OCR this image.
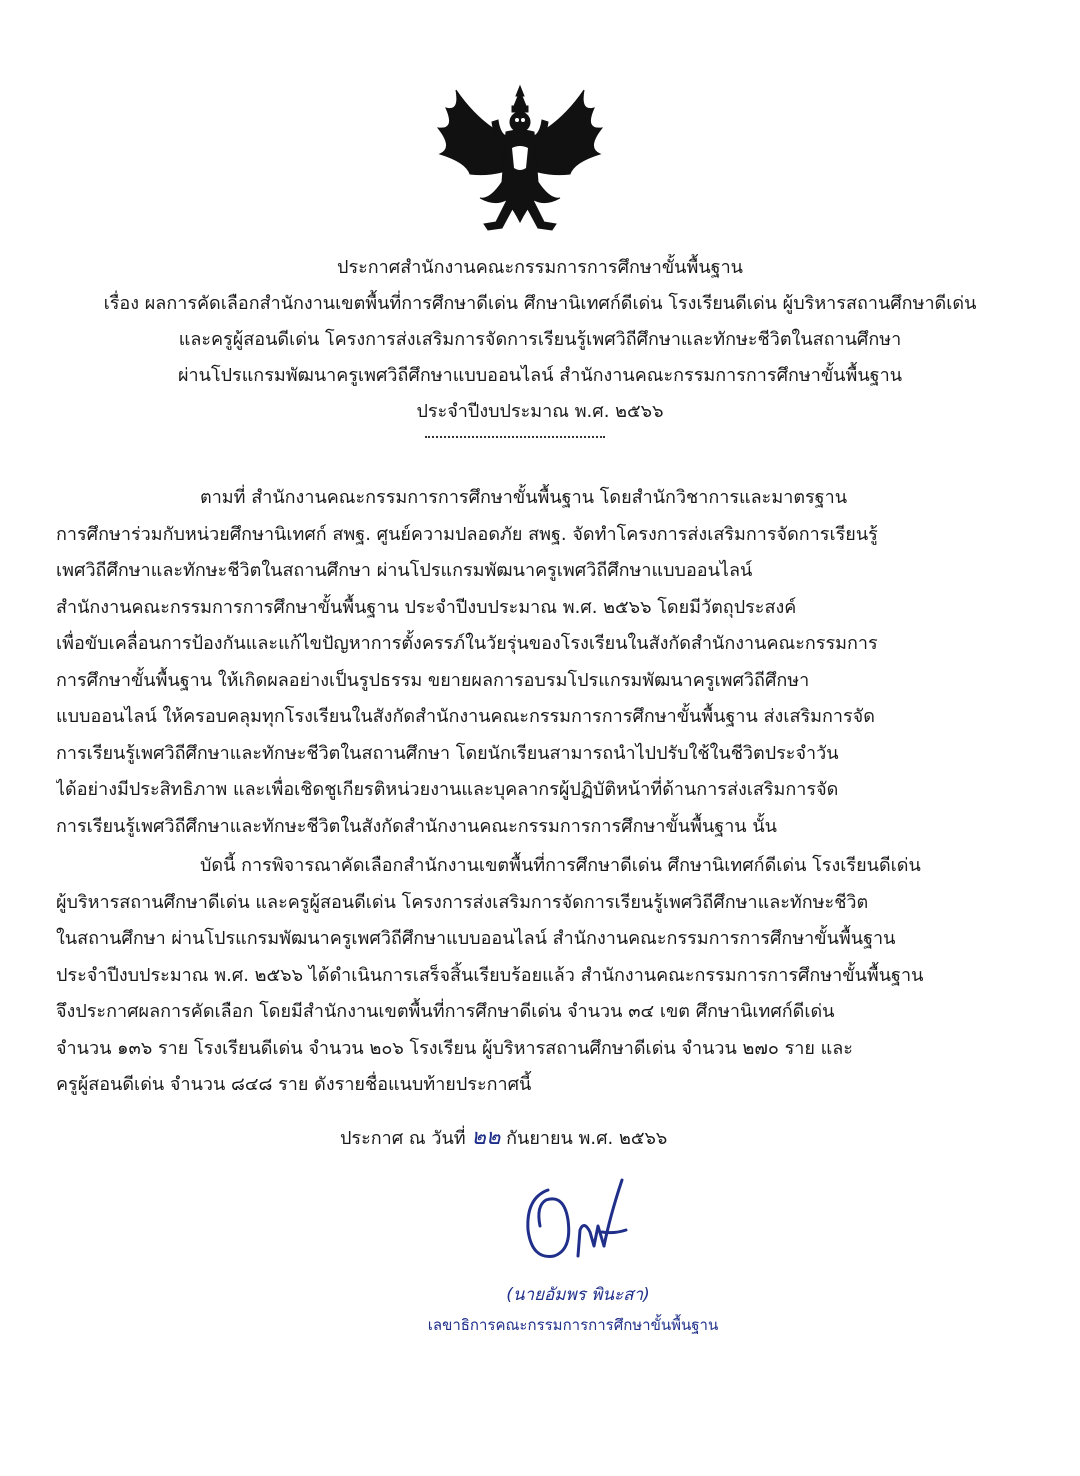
ประกาศสำนักงานคณะกรรมการการศึกษาขั้นพื้นฐาน
เรื่อง ผลการคัดเลือกสำนักงานเขตพื้นที่การศึกษาดีเด่น ศึกษานิเทศก์ดีเด่น โรงเรียนดีเด่น ผู้บริหารสถานศึกษาดีเด่น
และครูผู้สอนดีเด่น โครงการส่งเสริมการจัดการเรียนรู้เพศวิถีศึกษาและทักษะชีวิตในสถานศึกษา
ผ่านโปรแกรมพัฒนาครูเพศวิถีศึกษาแบบออนไลน์ สำนักงานคณะกรรมการการศึกษาขั้นพื้นฐาน
ประจำปีงบประมาณ พ.ศ. ๒๕๖๖
ตามที่ สำนักงานคณะกรรมการการศึกษาขั้นพื้นฐาน โดยสำนักวิชาการและมาตรฐาน
การศึกษาร่วมกับหน่วยศึกษานิเทศก์ สพฐ. ศูนย์ความปลอดภัย สพฐ. จัดทำโครงการส่งเสริมการจัดการเรียนรู้
เพศวิถีศึกษาและทักษะชีวิตในสถานศึกษา ผ่านโปรแกรมพัฒนาครูเพศวิถีศึกษาแบบออนไลน์
สำนักงานคณะกรรมการการศึกษาขั้นพื้นฐาน ประจำปีงบประมาณ พ.ศ. ๒๕๖๖ โดยมีวัตถุประสงค์
เพื่อขับเคลื่อนการป้องกันและแก้ไขปัญหาการตั้งครรภ์ในวัยรุ่นของโรงเรียนในสังกัดสำนักงานคณะกรรมการ
การศึกษาขั้นพื้นฐาน ให้เกิดผลอย่างเป็นรูปธรรม ขยายผลการอบรมโปรแกรมพัฒนาครูเพศวิถีศึกษา
แบบออนไลน์ ให้ครอบคลุมทุกโรงเรียนในสังกัดสำนักงานคณะกรรมการการศึกษาขั้นพื้นฐาน ส่งเสริมการจัด
การเรียนรู้เพศวิถีศึกษาและทักษะชีวิตในสถานศึกษา โดยนักเรียนสามารถนำไปปรับใช้ในชีวิตประจำวัน
ได้อย่างมีประสิทธิภาพ และเพื่อเชิดชูเกียรติหน่วยงานและบุคลากรผู้ปฏิบัติหน้าที่ด้านการส่งเสริมการจัด
การเรียนรู้เพศวิถีศึกษาและทักษะชีวิตในสังกัดสำนักงานคณะกรรมการการศึกษาขั้นพื้นฐาน นั้น
บัดนี้ การพิจารณาคัดเลือกสำนักงานเขตพื้นที่การศึกษาดีเด่น ศึกษานิเทศก์ดีเด่น โรงเรียนดีเด่น
ผู้บริหารสถานศึกษาดีเด่น และครูผู้สอนดีเด่น โครงการส่งเสริมการจัดการเรียนรู้เพศวิถีศึกษาและทักษะชีวิต
ในสถานศึกษา ผ่านโปรแกรมพัฒนาครูเพศวิถีศึกษาแบบออนไลน์ สำนักงานคณะกรรมการการศึกษาขั้นพื้นฐาน
ประจำปีงบประมาณ พ.ศ. ๒๕๖๖ ได้ดำเนินการเสร็จสิ้นเรียบร้อยแล้ว สำนักงานคณะกรรมการการศึกษาขั้นพื้นฐาน
จึงประกาศผลการคัดเลือก โดยมีสำนักงานเขตพื้นที่การศึกษาดีเด่น จำนวน ๓๔ เขต ศึกษานิเทศก์ดีเด่น
จำนวน ๑๓๖ ราย โรงเรียนดีเด่น จำนวน ๒๐๖ โรงเรียน ผู้บริหารสถานศึกษาดีเด่น จำนวน ๒๗๐ ราย และ
ครูผู้สอนดีเด่น จำนวน ๘๔๘ ราย ดังรายชื่อแนบท้ายประกาศนี้
ประกาศ ณ วันที่ ๒๒ กันยายน พ.ศ. ๒๕๖๖
(นายอัมพร พินะสา)
เลขาธิการคณะกรรมการการศึกษาขั้นพื้นฐาน
